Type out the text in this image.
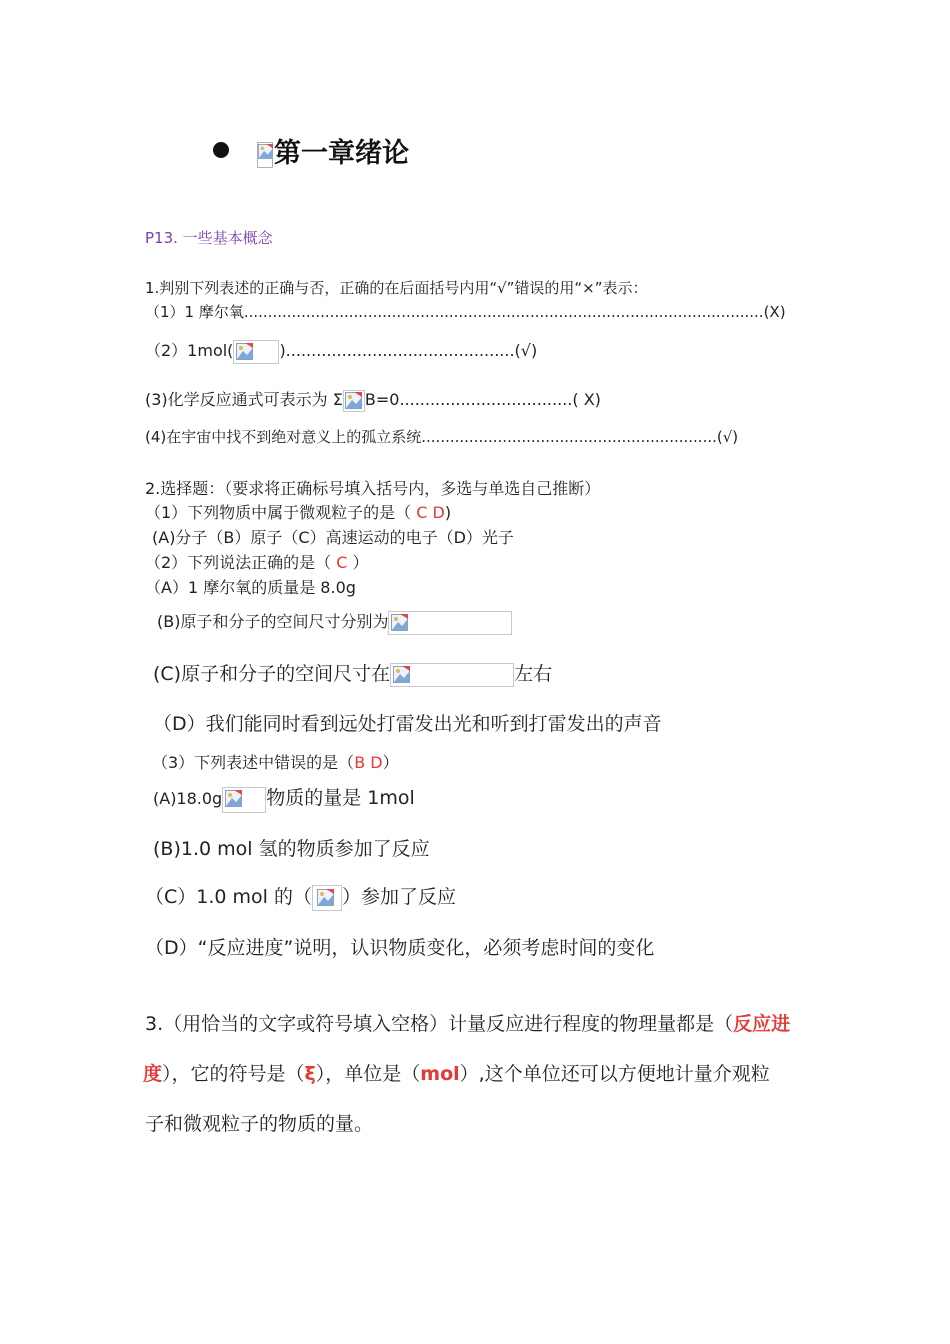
第一章绪论
P13. 一些基本概念
1.判别下列表述的正确与否，正确的在后面括号内用“√”错误的用“×”表示：
（1）1 摩尔氧.............................................................................................................(X)
（2）1mol(	).............................................(√)
(3)化学反应通式可表示为 Σ B=0..................................( X)
(4)在宇宙中找不到绝对意义上的孤立系统..............................................................(√)
2.选择题：（要求将正确标号填入括号内，多选与单选自己推断）
（1）下列物质中属于微观粒子的是（ C D)
(A)分子（B）原子（C）高速运动的电子（D）光子
（2）下列说法正确的是（ C ）
（A）1 摩尔氧的质量是 8.0g
(B)原子和分子的空间尺寸分别为
(C)原子和分子的空间尺寸在	左右
（D）我们能同时看到远处打雷发出光和听到打雷发出的声音
（3）下列表述中错误的是（B D）
(A)18.0g 物质的量是 1mol
(B)1.0 mol 氢的物质参加了反应
（C）1.0 mol 的（ ）参加了反应
（D）“反应进度”说明，认识物质变化，必须考虑时间的变化
3.（用恰当的文字或符号填入空格）计量反应进行程度的物理量都是（反应进
度），它的符号是（ξ），单位是（mol）,这个单位还可以方便地计量介观粒
子和微观粒子的物质的量。
